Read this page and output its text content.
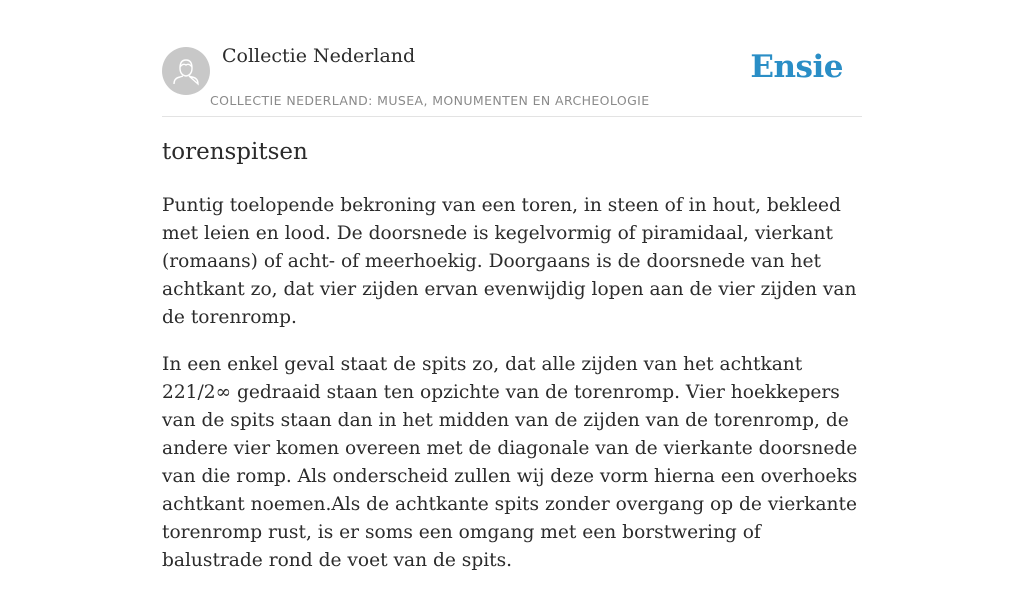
Collectie Nederland
COLLECTIE NEDERLAND: MUSEA, MONUMENTEN EN ARCHEOLOGIE
Ensie
torenspitsen

Puntig toelopende bekroning van een toren, in steen of in hout, bekleed met leien en lood. De doorsnede is kegelvormig of piramidaal, vierkant (romaans) of acht- of meerhoekig. Doorgaans is de doorsnede van het achtkant zo, dat vier zijden ervan evenwijdig lopen aan de vier zijden van de torenromp.

In een enkel geval staat de spits zo, dat alle zijden van het achtkant 221/2∞ gedraaid staan ten opzichte van de torenromp. Vier hoekkepers van de spits staan dan in het midden van de zijden van de torenromp, de andere vier komen overeen met de diagonale van de vierkante doorsnede van die romp. Als onderscheid zullen wij deze vorm hierna een overhoeks achtkant noemen.Als de achtkante spits zonder overgang op de vierkante torenromp rust, is er soms een omgang met een borstwering of balustrade rond de voet van de spits.
